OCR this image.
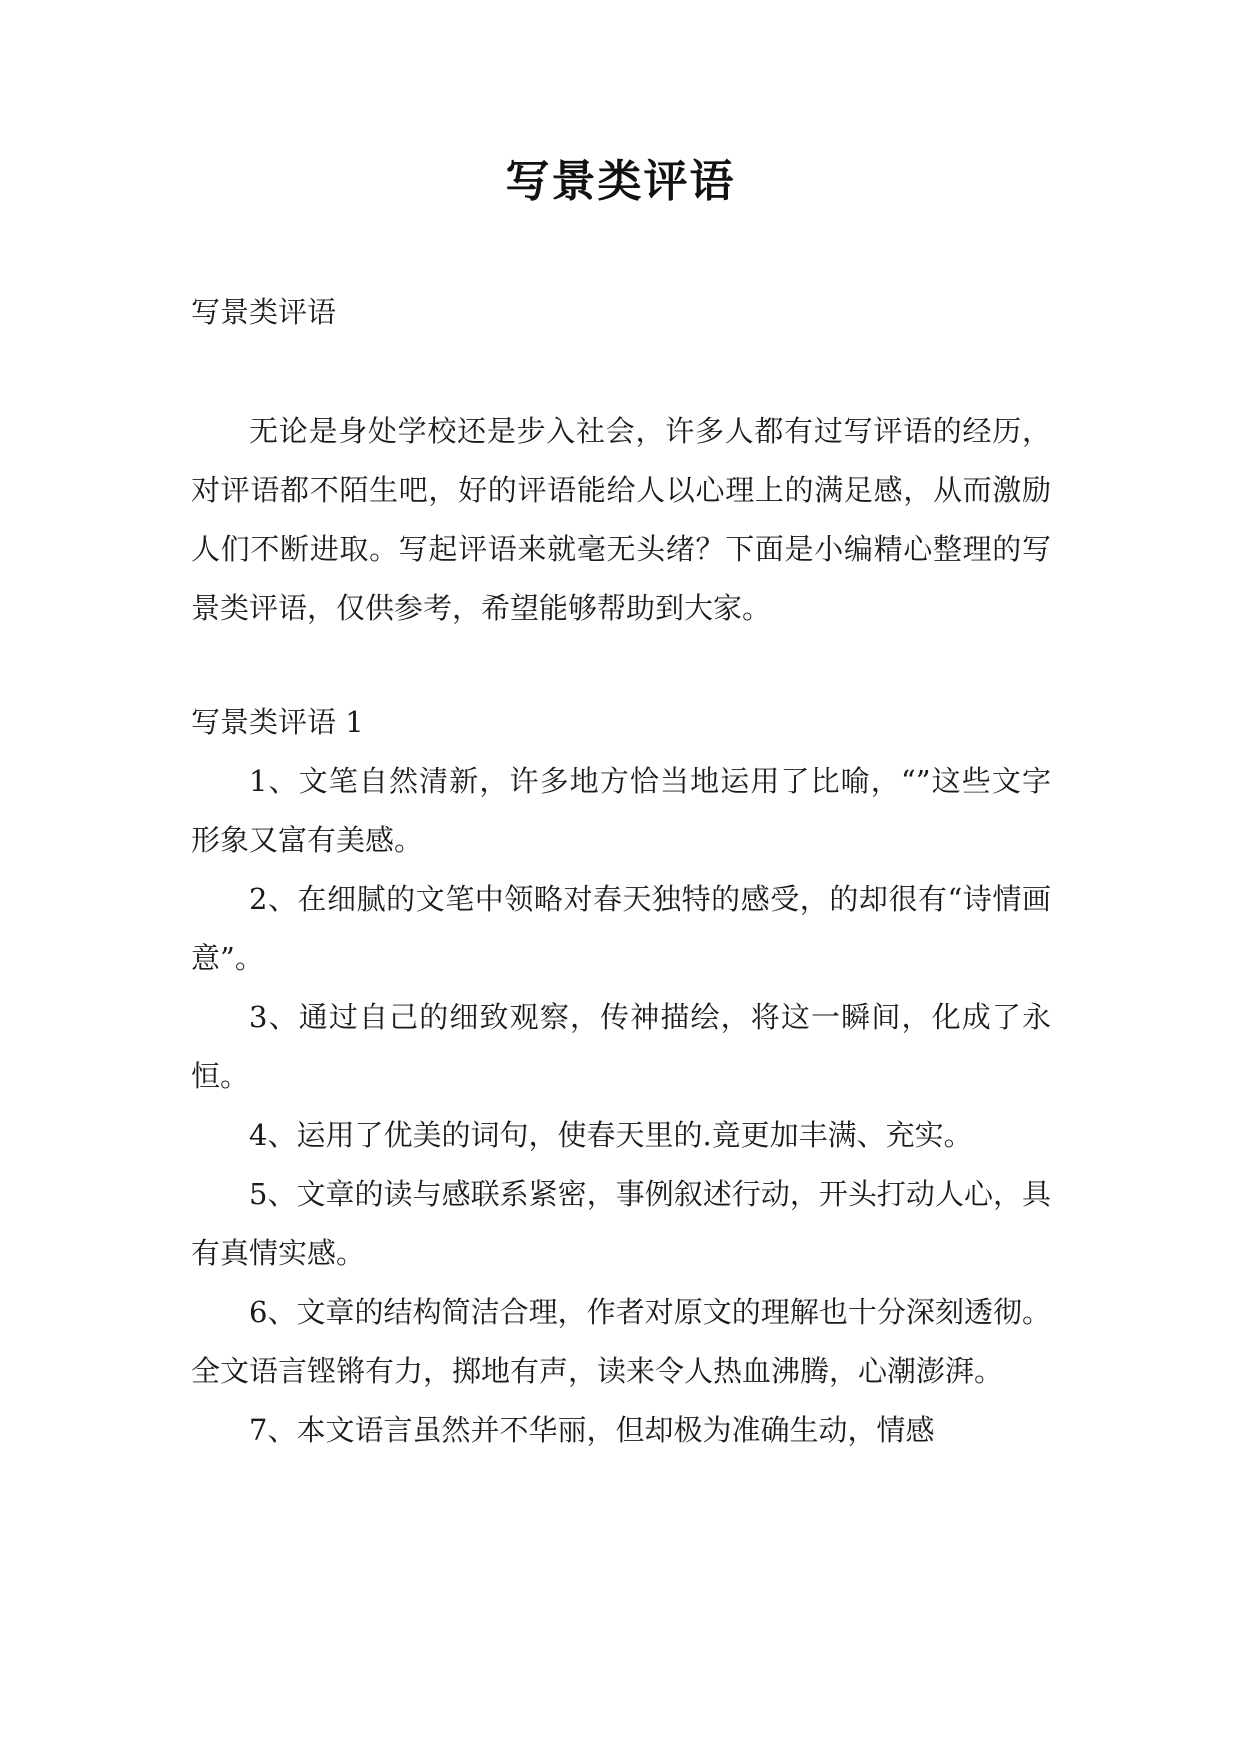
写景类评语

写景类评语

无论是身处学校还是步入社会，许多人都有过写评语的经历，对评语都不陌生吧，好的评语能给人以心理上的满足感，从而激励人们不断进取。写起评语来就毫无头绪？下面是小编精心整理的写景类评语，仅供参考，希望能够帮助到大家。

写景类评语 1

1、文笔自然清新，许多地方恰当地运用了比喻，“”这些文字形象又富有美感。

2、在细腻的文笔中领略对春天独特的感受，的却很有“诗情画意”。

3、通过自己的细致观察，传神描绘，将这一瞬间，化成了永恒。

4、运用了优美的词句，使春天里的.竟更加丰满、充实。

5、文章的读与感联系紧密，事例叙述行动，开头打动人心，具有真情实感。

6、文章的结构简洁合理，作者对原文的理解也十分深刻透彻。全文语言铿锵有力，掷地有声，读来令人热血沸腾，心潮澎湃。

7、本文语言虽然并不华丽，但却极为准确生动，情感
